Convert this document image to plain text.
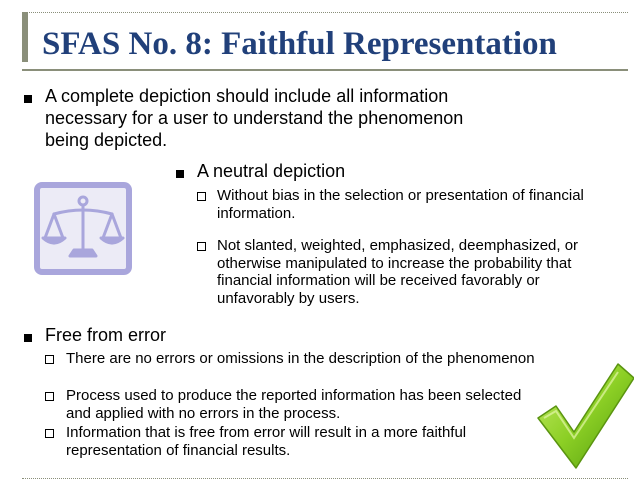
SFAS No. 8: Faithful Representation
A complete depiction should include all information necessary for a user to understand the phenomenon being depicted.
A neutral depiction
Without bias in the selection or presentation of financial information.
Not slanted, weighted, emphasized, deemphasized, or otherwise manipulated to increase the probability that financial information will be received favorably or unfavorably by users.
Free from error
There are no errors or omissions in the description of the phenomenon
Process used to produce the reported information has been selected and applied with no errors in the process.
Information that is free from error will result in a more faithful representation of financial results.
